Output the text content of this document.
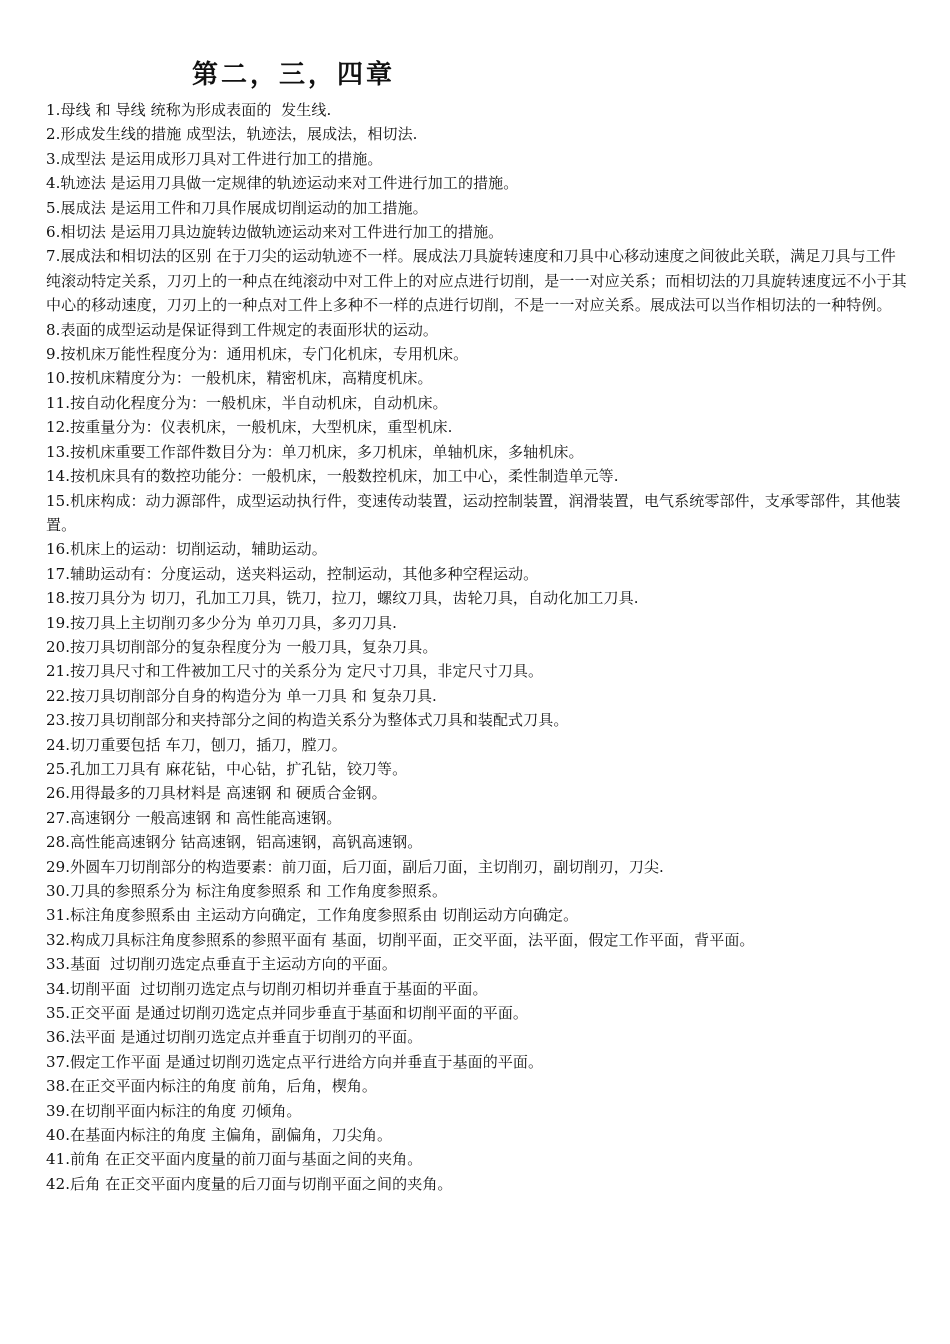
第二，三，四章
1.母线 和 导线 统称为形成表面的  发生线.
2.形成发生线的措施 成型法，轨迹法，展成法，相切法.
3.成型法 是运用成形刀具对工件进行加工的措施。
4.轨迹法 是运用刀具做一定规律的轨迹运动来对工件进行加工的措施。
5.展成法 是运用工件和刀具作展成切削运动的加工措施。
6.相切法 是运用刀具边旋转边做轨迹运动来对工件进行加工的措施。
7.展成法和相切法的区别 在于刀尖的运动轨迹不一样。展成法刀具旋转速度和刀具中心移动速度之间彼此关联，满足刀具与工件纯滚动特定关系，刀刃上的一种点在纯滚动中对工件上的对应点进行切削，是一一对应关系；而相切法的刀具旋转速度远不小于其中心的移动速度，刀刃上的一种点对工件上多种不一样的点进行切削，不是一一对应关系。展成法可以当作相切法的一种特例。
8.表面的成型运动是保证得到工件规定的表面形状的运动。
9.按机床万能性程度分为：通用机床，专门化机床，专用机床。
10.按机床精度分为：一般机床，精密机床，高精度机床。
11.按自动化程度分为：一般机床，半自动机床，自动机床。
12.按重量分为：仪表机床，一般机床，大型机床，重型机床.
13.按机床重要工作部件数目分为：单刀机床，多刀机床，单轴机床，多轴机床。
14.按机床具有的数控功能分：一般机床，一般数控机床，加工中心，柔性制造单元等.
15.机床构成：动力源部件，成型运动执行件，变速传动装置，运动控制装置，润滑装置，电气系统零部件，支承零部件，其他装置。
16.机床上的运动：切削运动，辅助运动。
17.辅助运动有：分度运动，送夹料运动，控制运动，其他多种空程运动。
18.按刀具分为 切刀，孔加工刀具，铣刀，拉刀，螺纹刀具，齿轮刀具，自动化加工刀具.
19.按刀具上主切削刃多少分为 单刃刀具，多刃刀具.
20.按刀具切削部分的复杂程度分为 一般刀具，复杂刀具。
21.按刀具尺寸和工件被加工尺寸的关系分为 定尺寸刀具，非定尺寸刀具。
22.按刀具切削部分自身的构造分为 单一刀具 和 复杂刀具.
23.按刀具切削部分和夹持部分之间的构造关系分为整体式刀具和装配式刀具。
24.切刀重要包括 车刀，刨刀，插刀，膛刀。
25.孔加工刀具有 麻花钻，中心钻，扩孔钻，铰刀等。
26.用得最多的刀具材料是 高速钢 和 硬质合金钢。
27.高速钢分 一般高速钢 和 高性能高速钢。
28.高性能高速钢分 钴高速钢，铝高速钢，高钒高速钢。
29.外圆车刀切削部分的构造要素：前刀面，后刀面，副后刀面，主切削刃，副切削刃，刀尖.
30.刀具的参照系分为 标注角度参照系 和 工作角度参照系。
31.标注角度参照系由 主运动方向确定，工作角度参照系由 切削运动方向确定。
32.构成刀具标注角度参照系的参照平面有 基面，切削平面，正交平面，法平面，假定工作平面，背平面。
33.基面  过切削刃选定点垂直于主运动方向的平面。
34.切削平面  过切削刃选定点与切削刃相切并垂直于基面的平面。
35.正交平面 是通过切削刃选定点并同步垂直于基面和切削平面的平面。
36.法平面 是通过切削刃选定点并垂直于切削刃的平面。
37.假定工作平面 是通过切削刃选定点平行进给方向并垂直于基面的平面。
38.在正交平面内标注的角度 前角，后角，楔角。
39.在切削平面内标注的角度 刃倾角。
40.在基面内标注的角度 主偏角，副偏角，刀尖角。
41.前角 在正交平面内度量的前刀面与基面之间的夹角。
42.后角 在正交平面内度量的后刀面与切削平面之间的夹角。
